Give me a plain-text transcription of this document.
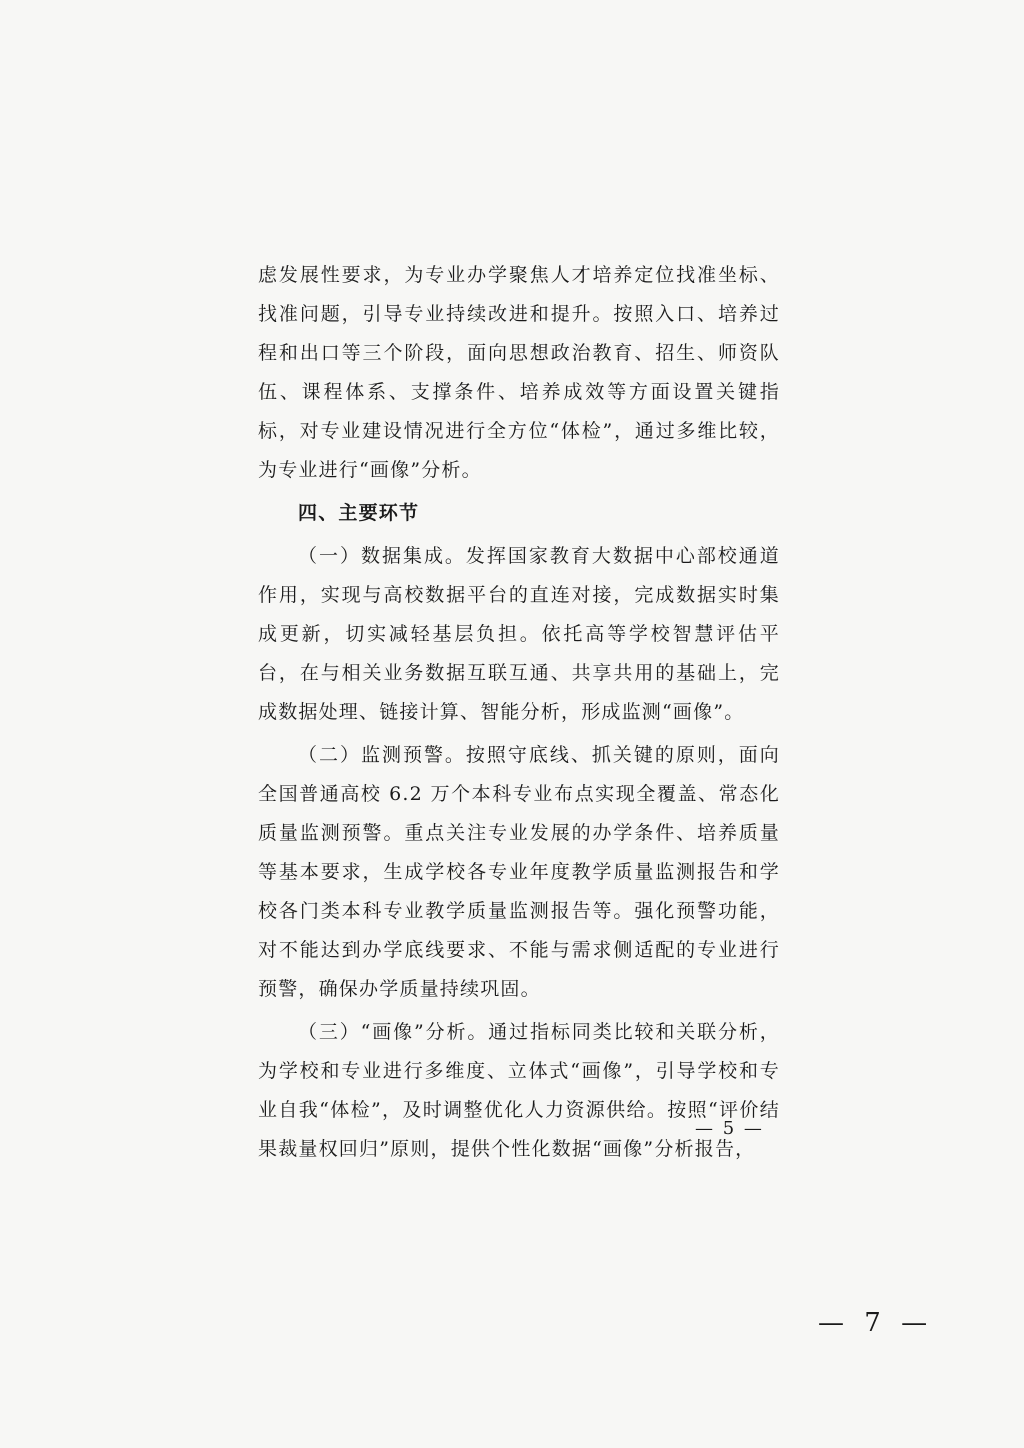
虑发展性要求，为专业办学聚焦人才培养定位找准坐标、找准问题，引导专业持续改进和提升。按照入口、培养过程和出口等三个阶段，面向思想政治教育、招生、师资队伍、课程体系、支撑条件、培养成效等方面设置关键指标，对专业建设情况进行全方位“体检”，通过多维比较，为专业进行“画像”分析。

四、主要环节

（一）数据集成。发挥国家教育大数据中心部校通道作用，实现与高校数据平台的直连对接，完成数据实时集成更新，切实减轻基层负担。依托高等学校智慧评估平台，在与相关业务数据互联互通、共享共用的基础上，完成数据处理、链接计算、智能分析，形成监测“画像”。

（二）监测预警。按照守底线、抓关键的原则，面向全国普通高校 6.2 万个本科专业布点实现全覆盖、常态化质量监测预警。重点关注专业发展的办学条件、培养质量等基本要求，生成学校各专业年度教学质量监测报告和学校各门类本科专业教学质量监测报告等。强化预警功能，对不能达到办学底线要求、不能与需求侧适配的专业进行预警，确保办学质量持续巩固。

（三）“画像”分析。通过指标同类比较和关联分析，为学校和专业进行多维度、立体式“画像”，引导学校和专业自我“体检”，及时调整优化人力资源供给。按照“评价结果裁量权回归”原则，提供个性化数据“画像”分析报告，

— 5 —
— 7 —
